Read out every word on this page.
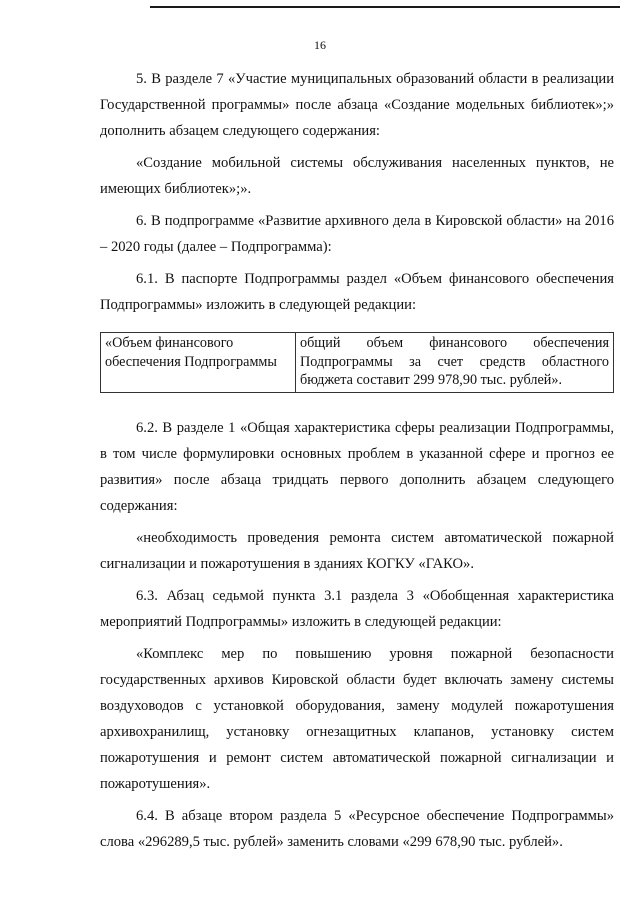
16

5. В разделе 7 «Участие муниципальных образований области в реализации Государственной программы» после абзаца «Создание модельных библиотек»;» дополнить абзацем следующего содержания:

«Создание мобильной системы обслуживания населенных пунктов, не имеющих библиотек»;».

6. В подпрограмме «Развитие архивного дела в Кировской области» на 2016 – 2020 годы (далее – Подпрограмма):

6.1. В паспорте Подпрограммы раздел «Объем финансового обеспечения Подпрограммы» изложить в следующей редакции:

«Объем финансового обеспечения Подпрограммы	общий объем финансового обеспечения Подпрограммы за счет средств областного бюджета составит 299 978,90 тыс. рублей».

6.2. В разделе 1 «Общая характеристика сферы реализации Подпрограммы, в том числе формулировки основных проблем в указанной сфере и прогноз ее развития» после абзаца тридцать первого дополнить абзацем следующего содержания:

«необходимость проведения ремонта систем автоматической пожарной сигнализации и пожаротушения в зданиях КОГКУ «ГАКО».

6.3. Абзац седьмой пункта 3.1 раздела 3 «Обобщенная характеристика мероприятий Подпрограммы» изложить в следующей редакции:

«Комплекс мер по повышению уровня пожарной безопасности государственных архивов Кировской области будет включать замену системы воздуховодов с установкой оборудования, замену модулей пожаротушения архивохранилищ, установку огнезащитных клапанов, установку систем пожаротушения и ремонт систем автоматической пожарной сигнализации и пожаротушения».

6.4. В абзаце втором раздела 5 «Ресурсное обеспечение Подпрограммы» слова «296289,5 тыс. рублей» заменить словами «299 678,90 тыс. рублей».
